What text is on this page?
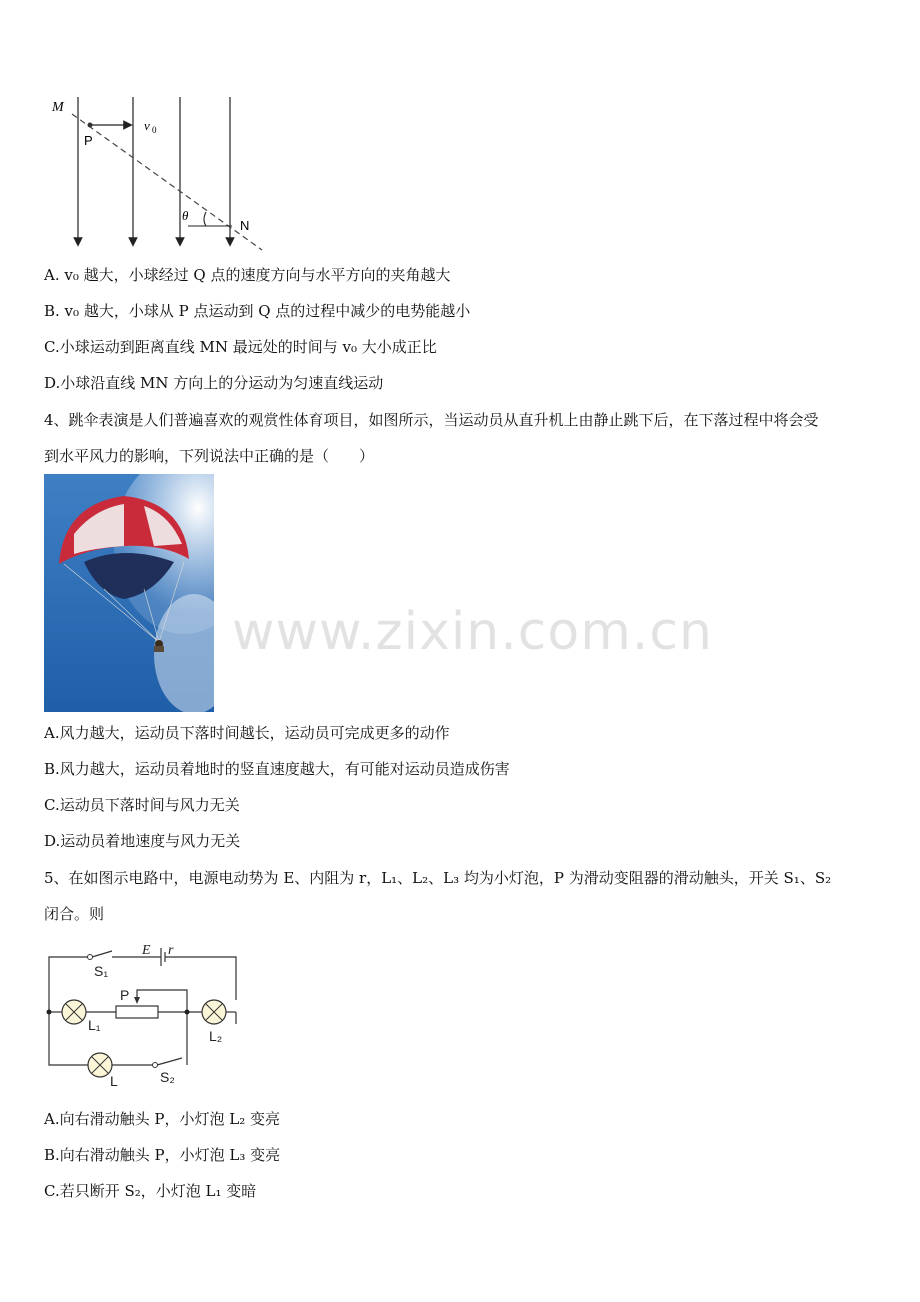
M
P
v 0
θ
N
A. v₀ 越大，小球经过 Q 点的速度方向与水平方向的夹角越大
B. v₀ 越大，小球从 P 点运动到 Q 点的过程中减少的电势能越小
C.小球运动到距离直线 MN 最远处的时间与 v₀ 大小成正比
D.小球沿直线 MN 方向上的分运动为匀速直线运动
4、跳伞表演是人们普遍喜欢的观赏性体育项目，如图所示，当运动员从直升机上由静止跳下后，在下落过程中将会受
到水平风力的影响，下列说法中正确的是（　　）
www.zixin.com.cn
A.风力越大，运动员下落时间越长，运动员可完成更多的动作
B.风力越大，运动员着地时的竖直速度越大，有可能对运动员造成伤害
C.运动员下落时间与风力无关
D.运动员着地速度与风力无关
5、在如图示电路中，电源电动势为 E、内阻为 r，L₁、L₂、L₃ 均为小灯泡，P 为滑动变阻器的滑动触头，开关 S₁、S₂
闭合。则
E r
S₁
P
L₁
L₂
L	S₂
A.向右滑动触头 P，小灯泡 L₂ 变亮
B.向右滑动触头 P，小灯泡 L₃ 变亮
C.若只断开 S₂，小灯泡 L₁ 变暗
